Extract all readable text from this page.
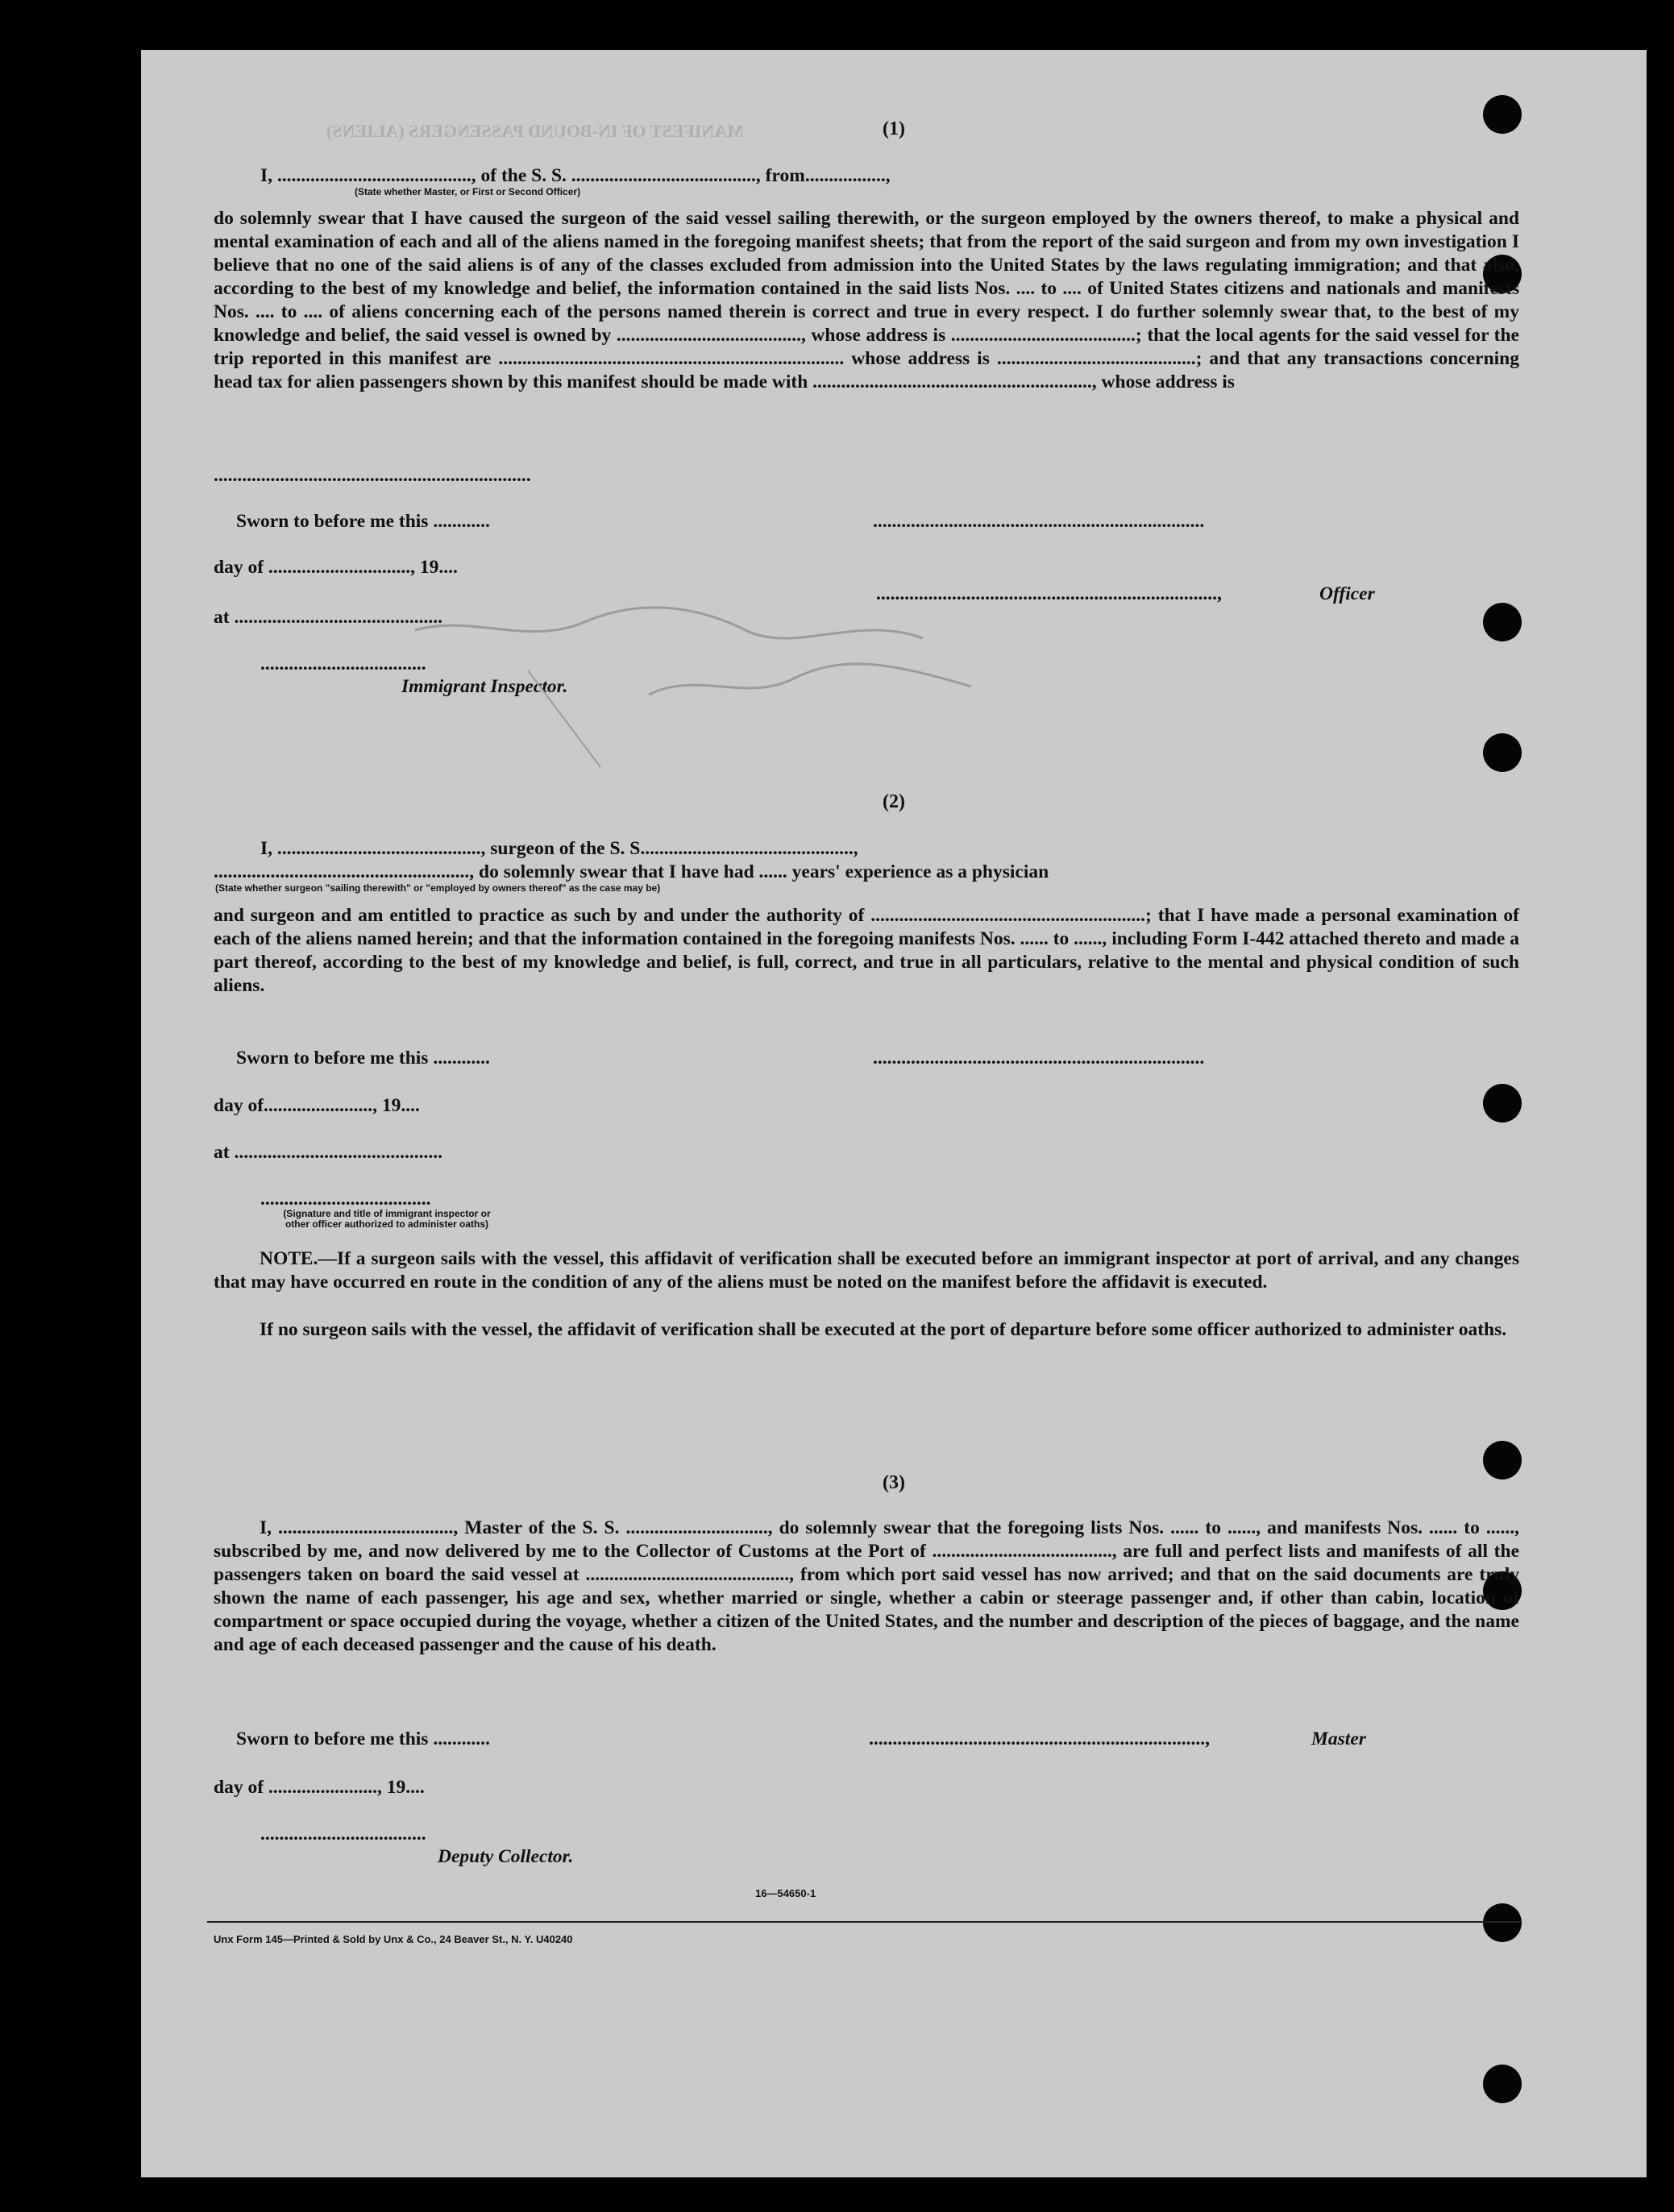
MANIFEST OF IN-BOUND PASSENGERS (ALIENS)	(1)
I, ........................................., of the S. S. ......................................., from.................,
(State whether Master, or First or Second Officer)

do solemnly swear that I have caused the surgeon of the said vessel sailing therewith, or the surgeon employed by the owners thereof, to make a physical and mental examination of each and all of the aliens named in the foregoing manifest sheets; that from the report of the said surgeon and from my own investigation I believe that no one of the said aliens is of any of the classes excluded from admission into the United States by the laws regulating immigration; and that also, according to the best of my knowledge and belief, the information contained in the said lists Nos. .... to .... of United States citizens and nationals and manifests Nos. .... to .... of aliens concerning each of the persons named therein is correct and true in every respect. I do further solemnly swear that, to the best of my knowledge and belief, the said vessel is owned by ......................................., whose address is .......................................; that the local agents for the said vessel for the trip reported in this manifest are ......................................................................... whose address is ..........................................; and that any transactions concerning head tax for alien passengers shown by this manifest should be made with ..........................................................., whose address is

...................................................................
Sworn to before me this ............	......................................................................
day of .............................., 19....
........................................................................,	Officer
at ............................................
...................................
Immigrant Inspector.
(2)
I, ..........................................., surgeon of the S. S.............................................,
......................................................, do solemnly swear that I have had ...... years' experience as a physician
(State whether surgeon "sailing therewith" or "employed by owners thereof" as the case may be)

and surgeon and am entitled to practice as such by and under the authority of ..........................................................; that I have made a personal examination of each of the aliens named herein; and that the information contained in the foregoing manifests Nos. ...... to ......, including Form I-442 attached thereto and made a part thereof, according to the best of my knowledge and belief, is full, correct, and true in all particulars, relative to the mental and physical condition of such aliens.

Sworn to before me this ............	......................................................................
day of......................., 19....
at ............................................
....................................
(Signature and title of immigrant inspector or other officer authorized to administer oaths)

NOTE.—If a surgeon sails with the vessel, this affidavit of verification shall be executed before an immigrant inspector at port of arrival, and any changes that may have occurred en route in the condition of any of the aliens must be noted on the manifest before the affidavit is executed.

If no surgeon sails with the vessel, the affidavit of verification shall be executed at the port of departure before some officer authorized to administer oaths.

(3)

I, ....................................., Master of the S. S. .............................., do solemnly swear that the foregoing lists Nos. ...... to ......, and manifests Nos. ...... to ......, subscribed by me, and now delivered by me to the Collector of Customs at the Port of ......................................, are full and perfect lists and manifests of all the passengers taken on board the said vessel at ..........................................., from which port said vessel has now arrived; and that on the said documents are truly shown the name of each passenger, his age and sex, whether married or single, whether a cabin or steerage passenger and, if other than cabin, location of compartment or space occupied during the voyage, whether a citizen of the United States, and the number and description of the pieces of baggage, and the name and age of each deceased passenger and the cause of his death.

Sworn to before me this ............	.......................................................................,	Master
day of ......................., 19....
...................................
Deputy Collector.
16—54650-1
Unx Form 145—Printed & Sold by Unx & Co., 24 Beaver St., N. Y. U40240
